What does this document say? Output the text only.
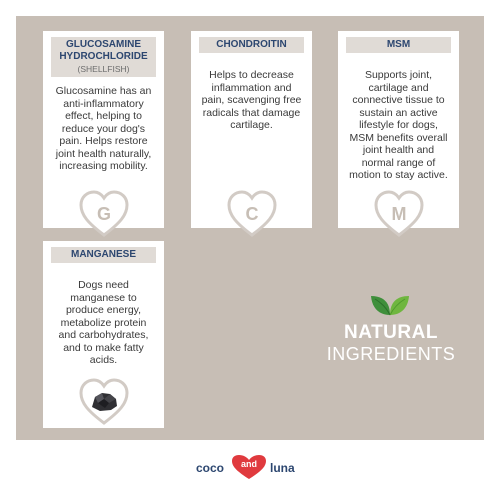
GLUCOSAMINE HYDROCHLORIDE
(SHELLFISH)
Glucosamine has an anti-inflammatory effect, helping to reduce your dog's pain. Helps restore joint health naturally, increasing mobility.
G
CHONDROITIN
Helps to decrease inflammation and pain, scavenging free radicals that damage cartilage.
C
MSM
Supports joint, cartilage and connective tissue to sustain an active lifestyle for dogs, MSM benefits overall joint health and normal range of motion to stay active.
M
MANGANESE
Dogs need manganese to produce energy, metabolize protein and carbohydrates, and to make fatty acids.
NATURAL
INGREDIENTS
coco and luna
